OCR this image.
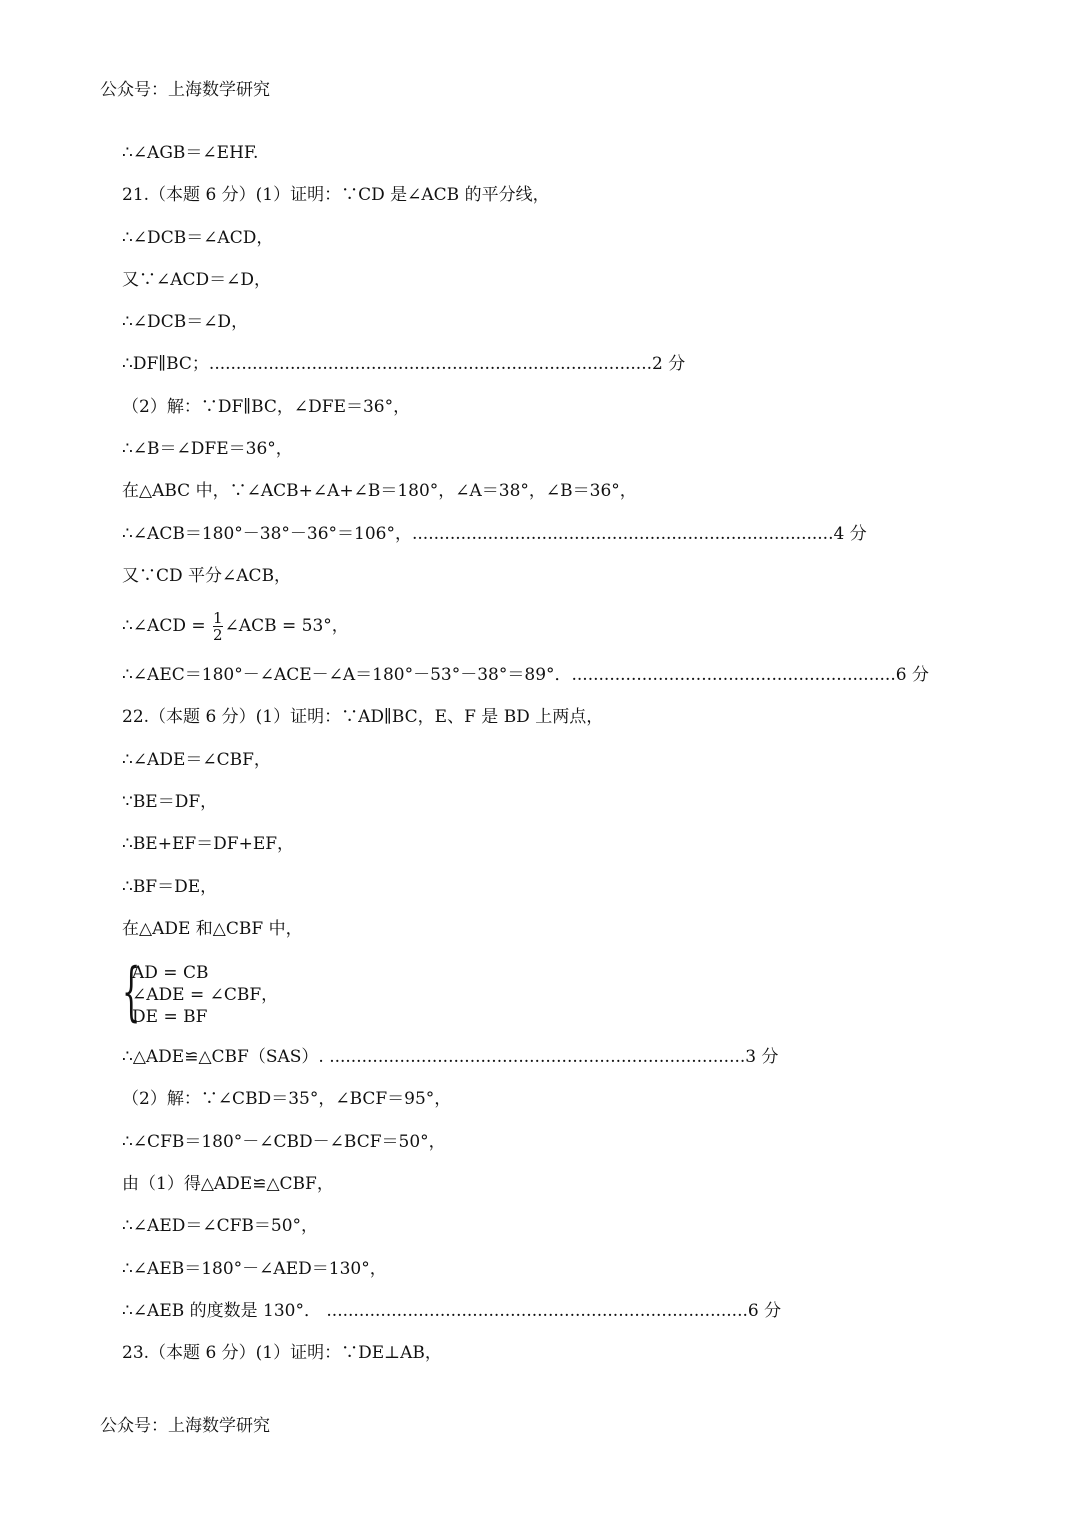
公众号：上海数学研究
∴∠AGB＝∠EHF.
21.（本题 6 分）(1）证明：∵CD 是∠ACB 的平分线，
∴∠DCB＝∠ACD，
又∵∠ACD＝∠D，
∴∠DCB＝∠D，
∴DF∥BC；..................................................................................2 分
（2）解：∵DF∥BC，∠DFE＝36°，
∴∠B＝∠DFE＝36°，
在△ABC 中，∵∠ACB+∠A+∠B＝180°，∠A＝38°，∠B＝36°，
∴∠ACB＝180°－38°－36°＝106°，..............................................................................4 分
又∵CD 平分∠ACB，
∴∠AEC＝180°－∠ACE－∠A＝180°－53°－38°＝89°．............................................................6 分
22.（本题 6 分）(1）证明：∵AD∥BC，E、F 是 BD 上两点，
∴∠ADE＝∠CBF，
∵BE＝DF，
∴BE+EF＝DF+EF，
∴BF＝DE，
在△ADE 和△CBF 中，
∴△ADE≌△CBF（SAS）. .............................................................................3 分
（2）解：∵∠CBD＝35°，∠BCF＝95°，
∴∠CFB＝180°－∠CBD－∠BCF＝50°，
由（1）得△ADE≌△CBF，
∴∠AED＝∠CFB＝50°，
∴∠AEB＝180°－∠AED＝130°，
∴∠AEB 的度数是 130°． ..............................................................................6 分
23.（本题 6 分）(1）证明：∵DE⊥AB，
∴∠ACD = $\frac{1}{2}$ ∠ACB = 53°，
{
AD = CB
∠ADE = ∠CBF，
DE = BF
公众号：上海数学研究
